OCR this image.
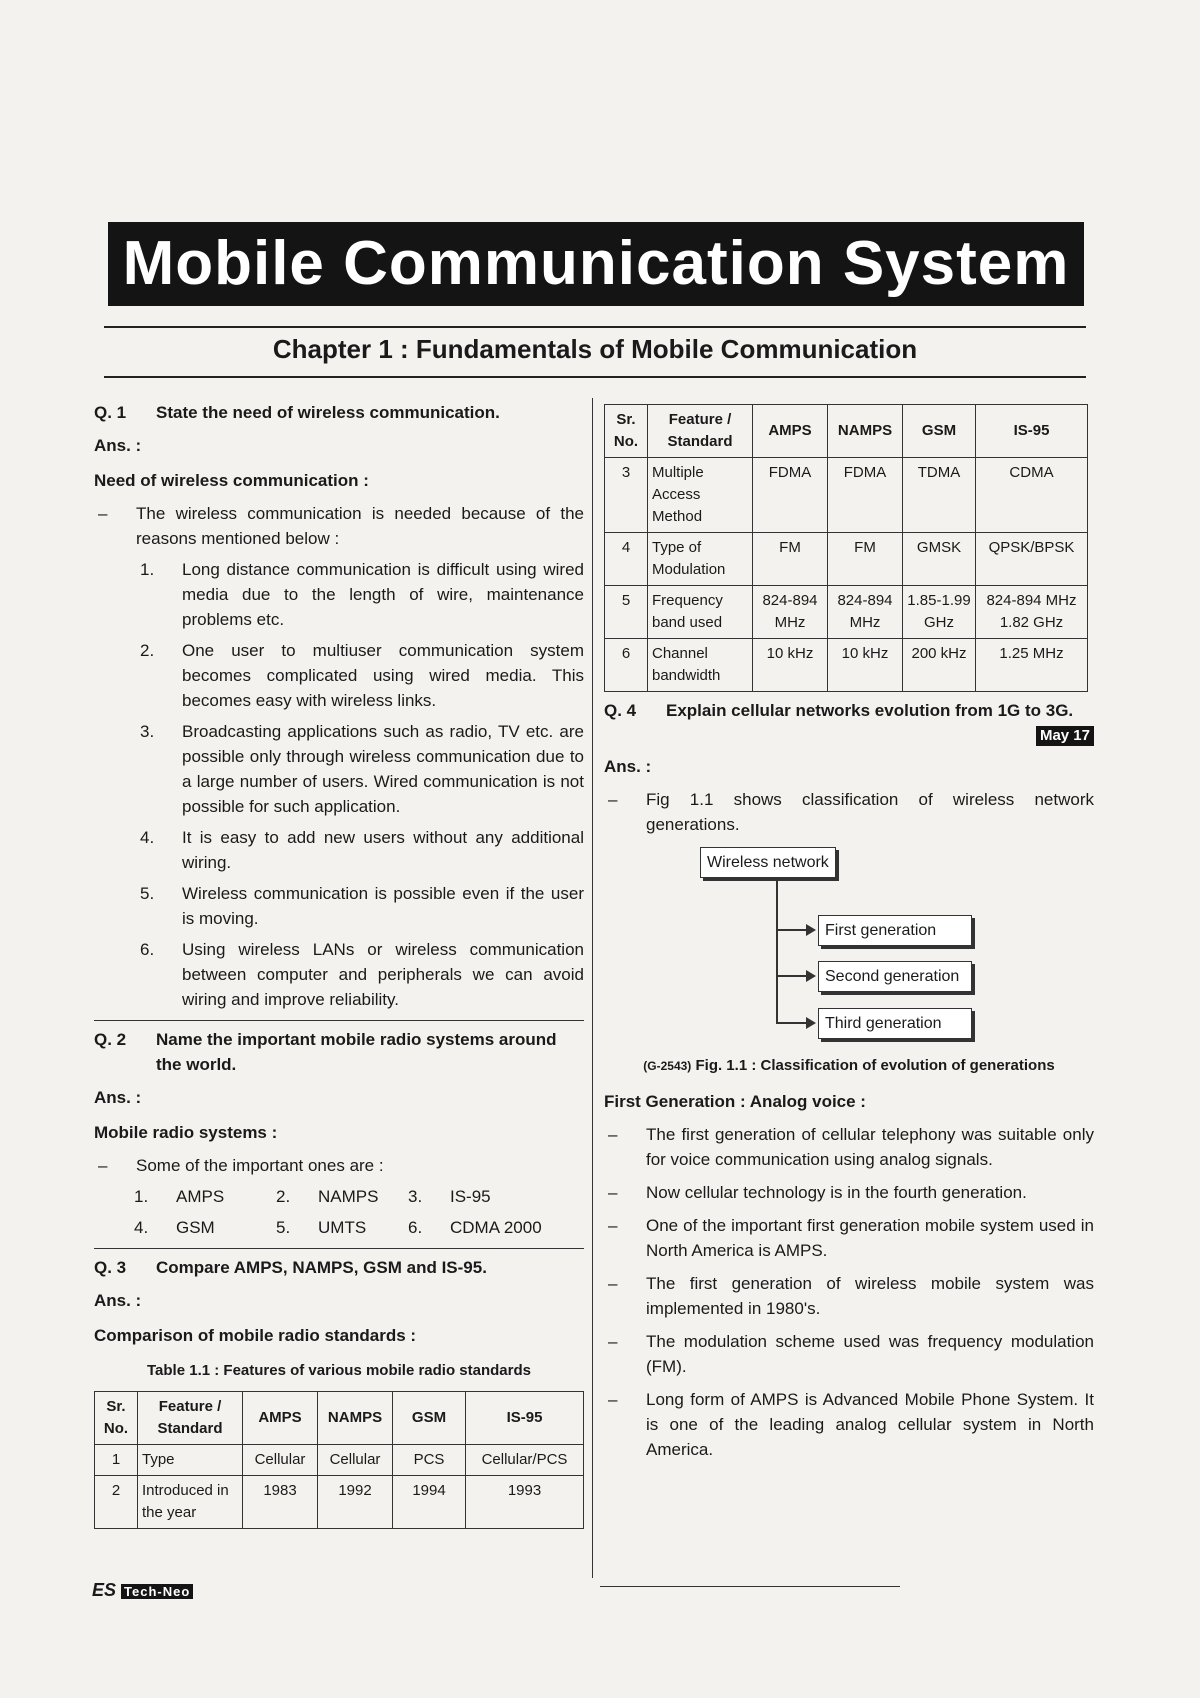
Mobile Communication System
Chapter 1 : Fundamentals of Mobile Communication
Q. 1	State the need of wireless communication.
Ans. :
Need of wireless communication :
–	The wireless communication is needed because of the reasons mentioned below :
1.	Long distance communication is difficult using wired media due to the length of wire, maintenance problems etc.
2.	One user to multiuser communication system becomes complicated using wired media. This becomes easy with wireless links.
3.	Broadcasting applications such as radio, TV etc. are possible only through wireless communication due to a large number of users. Wired communication is not possible for such application.
4.	It is easy to add new users without any additional wiring.
5.	Wireless communication is possible even if the user is moving.
6.	Using wireless LANs or wireless communication between computer and peripherals we can avoid wiring and improve reliability.
Q. 2	Name the important mobile radio systems around the world.
Ans. :
Mobile radio systems :
–	Some of the important ones are :
1.	AMPS	2.	NAMPS	3.	IS-95
4.	GSM	5.	UMTS	6.	CDMA 2000
Q. 3	Compare AMPS, NAMPS, GSM and IS-95.
Ans. :
Comparison of mobile radio standards :
Table 1.1 : Features of various mobile radio standards
Sr. No.	Feature / Standard	AMPS	NAMPS	GSM	IS-95
1	Type	Cellular	Cellular	PCS	Cellular/PCS
2	Introduced in the year	1983	1992	1994	1993
Sr. No.	Feature / Standard	AMPS	NAMPS	GSM	IS-95
3	Multiple Access Method	FDMA	FDMA	TDMA	CDMA
4	Type of Modulation	FM	FM	GMSK	QPSK/BPSK
5	Frequency band used	824-894 MHz	824-894 MHz	1.85-1.99 GHz	824-894 MHz 1.82 GHz
6	Channel bandwidth	10 kHz	10 kHz	200 kHz	1.25 MHz
Q. 4	Explain cellular networks evolution from 1G to 3G.
May 17
Ans. :
–	Fig 1.1 shows classification of wireless network generations.
Wireless network
First generation
Second generation
Third generation
(G-2543) Fig. 1.1 : Classification of evolution of generations
First Generation : Analog voice :
–	The first generation of cellular telephony was suitable only for voice communication using analog signals.
–	Now cellular technology is in the fourth generation.
–	One of the important first generation mobile system used in North America is AMPS.
–	The first generation of wireless mobile system was implemented in 1980's.
–	The modulation scheme used was frequency modulation (FM).
–	Long form of AMPS is Advanced Mobile Phone System. It is one of the leading analog cellular system in North America.
ES Tech-Neo
